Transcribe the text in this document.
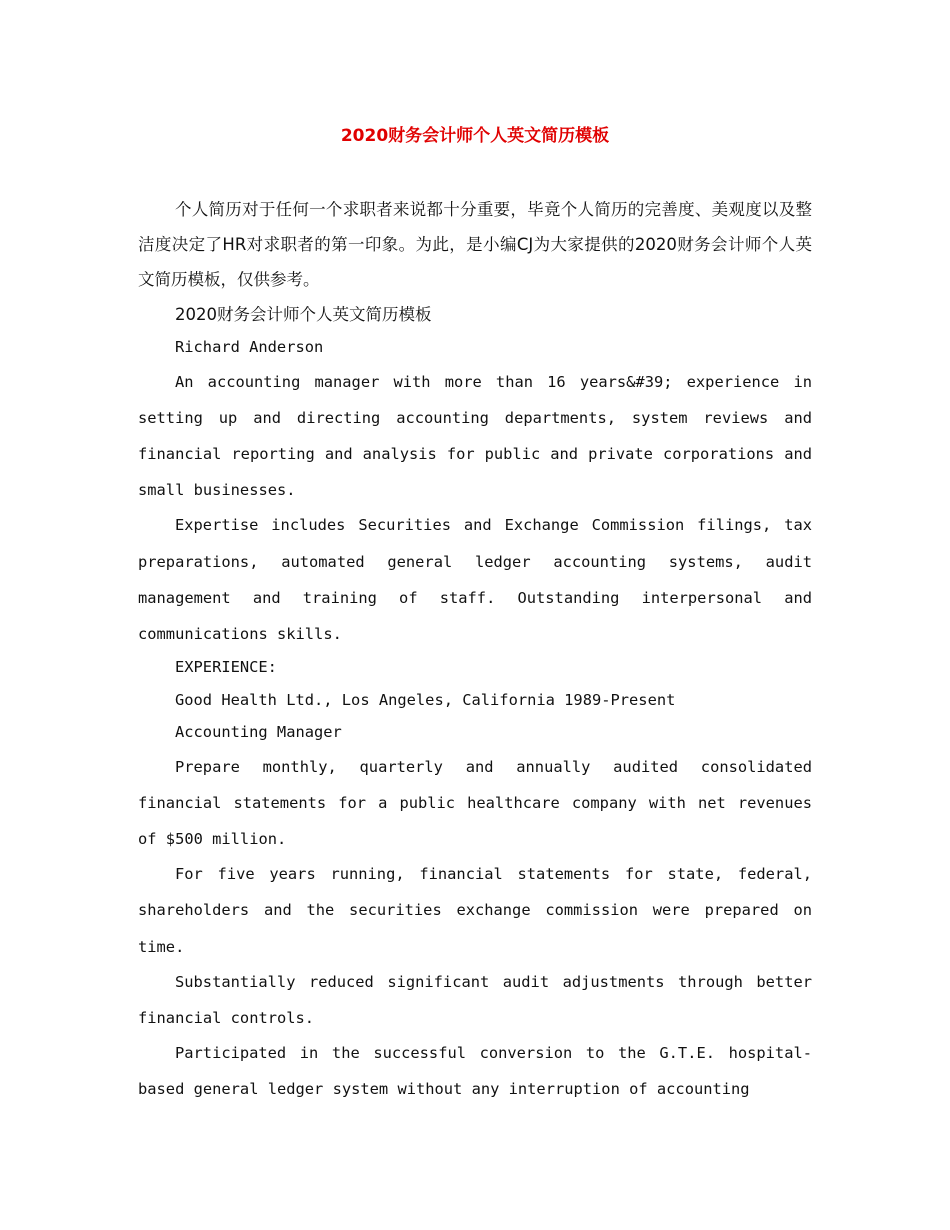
2020财务会计师个人英文简历模板

个人简历对于任何一个求职者来说都十分重要，毕竟个人简历的完善度、美观度以及整洁度决定了HR对求职者的第一印象。为此，是小编CJ为大家提供的2020财务会计师个人英文简历模板，仅供参考。

2020财务会计师个人英文简历模板

Richard Anderson

An accounting manager with more than 16 years&#39; experience in setting up and directing accounting departments, system reviews and financial reporting and analysis for public and private corporations and small businesses.

Expertise includes Securities and Exchange Commission filings, tax preparations, automated general ledger accounting systems, audit management and training of staff. Outstanding interpersonal and communications skills.

EXPERIENCE:

Good Health Ltd., Los Angeles, California 1989-Present

Accounting Manager

Prepare monthly, quarterly and annually audited consolidated financial statements for a public healthcare company with net revenues of $500 million.

For five years running, financial statements for state, federal, shareholders and the securities exchange commission were prepared on time.

Substantially reduced significant audit adjustments through better financial controls.

Participated in the successful conversion to the G.T.E. hospital-based general ledger system without any interruption of accounting
